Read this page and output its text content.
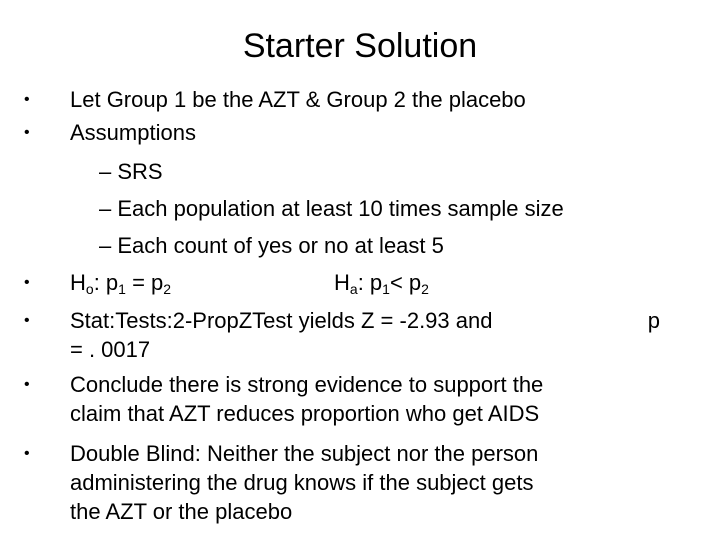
Starter Solution
•	Let Group 1 be the AZT & Group 2 the placebo
•	Assumptions
– SRS
– Each population at least 10 times sample size
– Each count of yes or no at least 5
•	$H_o$: $p_1 = p_2$	$H_a$: $p_1< p_2$
•	Stat:Tests:2-PropZTest yields Z = -2.93 and	p
= . 0017
•	Conclude there is strong evidence to support the
claim that AZT reduces proportion who get AIDS
•	Double Blind: Neither the subject nor the person
administering the drug knows if the subject gets
the AZT or the placebo
